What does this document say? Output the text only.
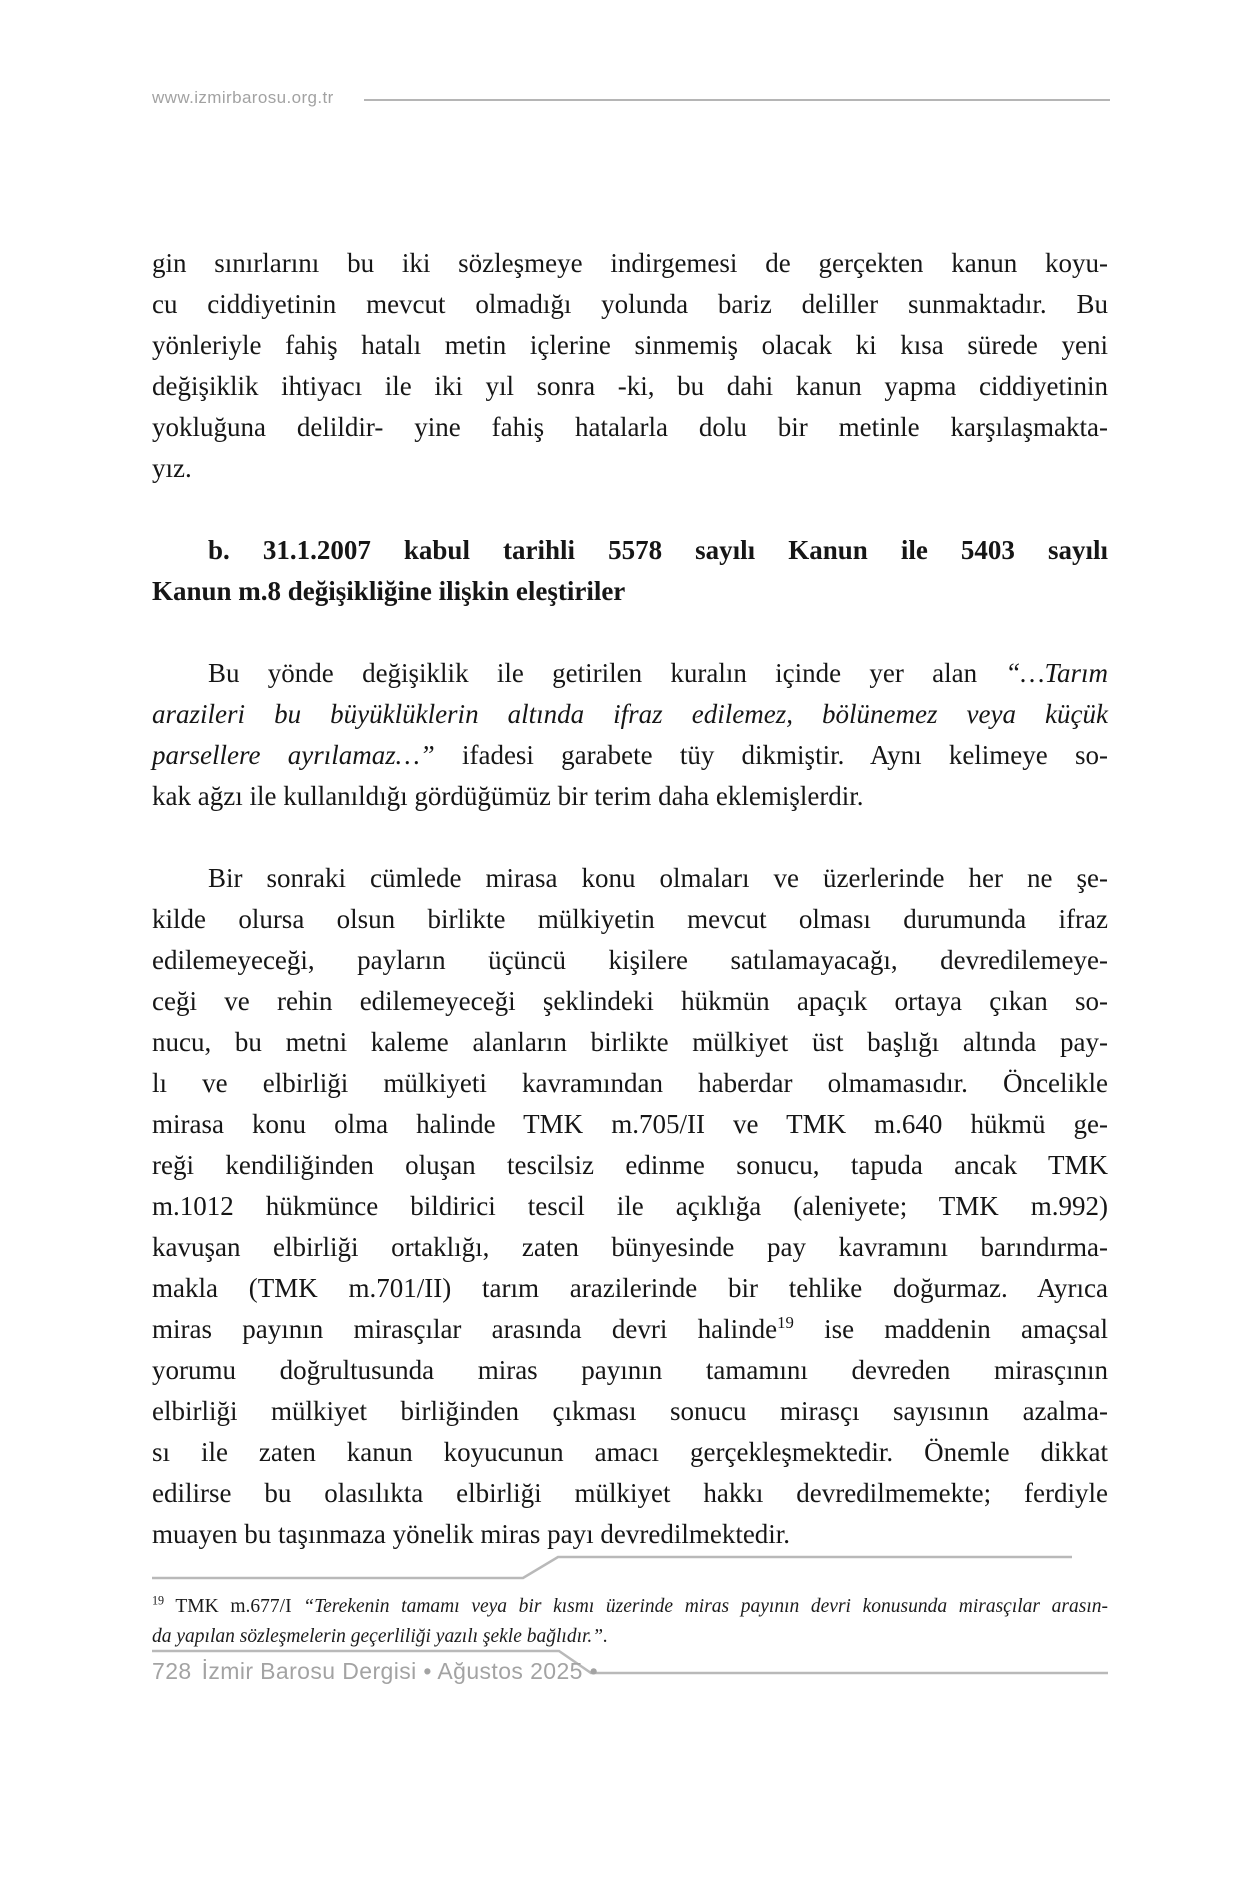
www.izmirbarosu.org.tr
gin sınırlarını bu iki sözleşmeye indirgemesi de gerçekten kanun koyu-
cu ciddiyetinin mevcut olmadığı yolunda bariz deliller sunmaktadır. Bu
yönleriyle fahiş hatalı metin içlerine sinmemiş olacak ki kısa sürede yeni
değişiklik ihtiyacı ile iki yıl sonra -ki, bu dahi kanun yapma ciddiyetinin
yokluğuna delildir- yine fahiş hatalarla dolu bir metinle karşılaşmakta-
yız.
b. 31.1.2007 kabul tarihli 5578 sayılı Kanun ile 5403 sayılı
Kanun m.8 değişikliğine ilişkin eleştiriler
Bu yönde değişiklik ile getirilen kuralın içinde yer alan “…Tarım
arazileri bu büyüklüklerin altında ifraz edilemez, bölünemez veya küçük
parsellere ayrılamaz…” ifadesi garabete tüy dikmiştir. Aynı kelimeye so-
kak ağzı ile kullanıldığı gördüğümüz bir terim daha eklemişlerdir.
Bir sonraki cümlede mirasa konu olmaları ve üzerlerinde her ne şe-
kilde olursa olsun birlikte mülkiyetin mevcut olması durumunda ifraz
edilemeyeceği, payların üçüncü kişilere satılamayacağı, devredilemeye-
ceği ve rehin edilemeyeceği şeklindeki hükmün apaçık ortaya çıkan so-
nucu, bu metni kaleme alanların birlikte mülkiyet üst başlığı altında pay-
lı ve elbirliği mülkiyeti kavramından haberdar olmamasıdır. Öncelikle
mirasa konu olma halinde TMK m.705/II ve TMK m.640 hükmü ge-
reği kendiliğinden oluşan tescilsiz edinme sonucu, tapuda ancak TMK
m.1012 hükmünce bildirici tescil ile açıklığa (aleniyete; TMK m.992)
kavuşan elbirliği ortaklığı, zaten bünyesinde pay kavramını barındırma-
makla (TMK m.701/II) tarım arazilerinde bir tehlike doğurmaz. Ayrıca
miras payının mirasçılar arasında devri halinde$^{19}$ ise maddenin amaçsal
yorumu doğrultusunda miras payının tamamını devreden mirasçının
elbirliği mülkiyet birliğinden çıkması sonucu mirasçı sayısının azalma-
sı ile zaten kanun koyucunun amacı gerçekleşmektedir. Önemle dikkat
edilirse bu olasılıkta elbirliği mülkiyet hakkı devredilmemekte; ferdiyle
muayen bu taşınmaza yönelik miras payı devredilmektedir.
$^{19}$ TMK m.677/I “Terekenin tamamı veya bir kısmı üzerinde miras payının devri konusunda mirasçılar arasın-
da yapılan sözleşmelerin geçerliliği yazılı şekle bağlıdır.”.
728 İzmir Barosu Dergisi • Ağustos 2025 •
